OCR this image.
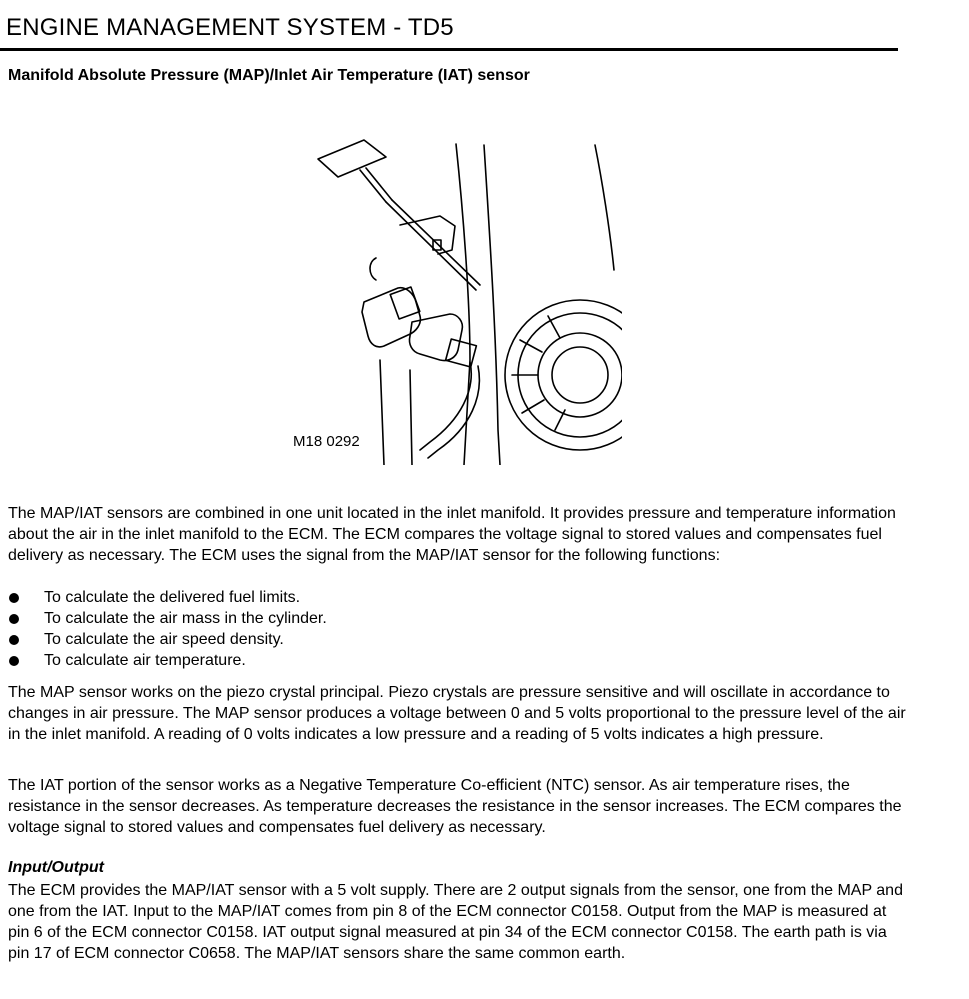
ENGINE MANAGEMENT SYSTEM - TD5
Manifold Absolute Pressure (MAP)/Inlet Air Temperature (IAT) sensor
M18 0292
The MAP/IAT sensors are combined in one unit located in the inlet manifold. It provides pressure and temperature information about the air in the inlet manifold to the ECM. The ECM compares the voltage signal to stored values and compensates fuel delivery as necessary. The ECM uses the signal from the MAP/IAT sensor for the following functions:
To calculate the delivered fuel limits.
To calculate the air mass in the cylinder.
To calculate the air speed density.
To calculate air temperature.
The MAP sensor works on the piezo crystal principal. Piezo crystals are pressure sensitive and will oscillate in accordance to changes in air pressure. The MAP sensor produces a voltage between 0 and 5 volts proportional to the pressure level of the air in the inlet manifold. A reading of 0 volts indicates a low pressure and a reading of 5 volts indicates a high pressure.
The IAT portion of the sensor works as a Negative Temperature Co-efficient (NTC) sensor. As air temperature rises, the resistance in the sensor decreases. As temperature decreases the resistance in the sensor increases. The ECM compares the voltage signal to stored values and compensates fuel delivery as necessary.
Input/Output
The ECM provides the MAP/IAT sensor with a 5 volt supply. There are 2 output signals from the sensor, one from the MAP and one from the IAT. Input to the MAP/IAT comes from pin 8 of the ECM connector C0158. Output from the MAP is measured at pin 6 of the ECM connector C0158. IAT output signal measured at pin 34 of the ECM connector C0158. The earth path is via pin 17 of ECM connector C0658. The MAP/IAT sensors share the same common earth.
